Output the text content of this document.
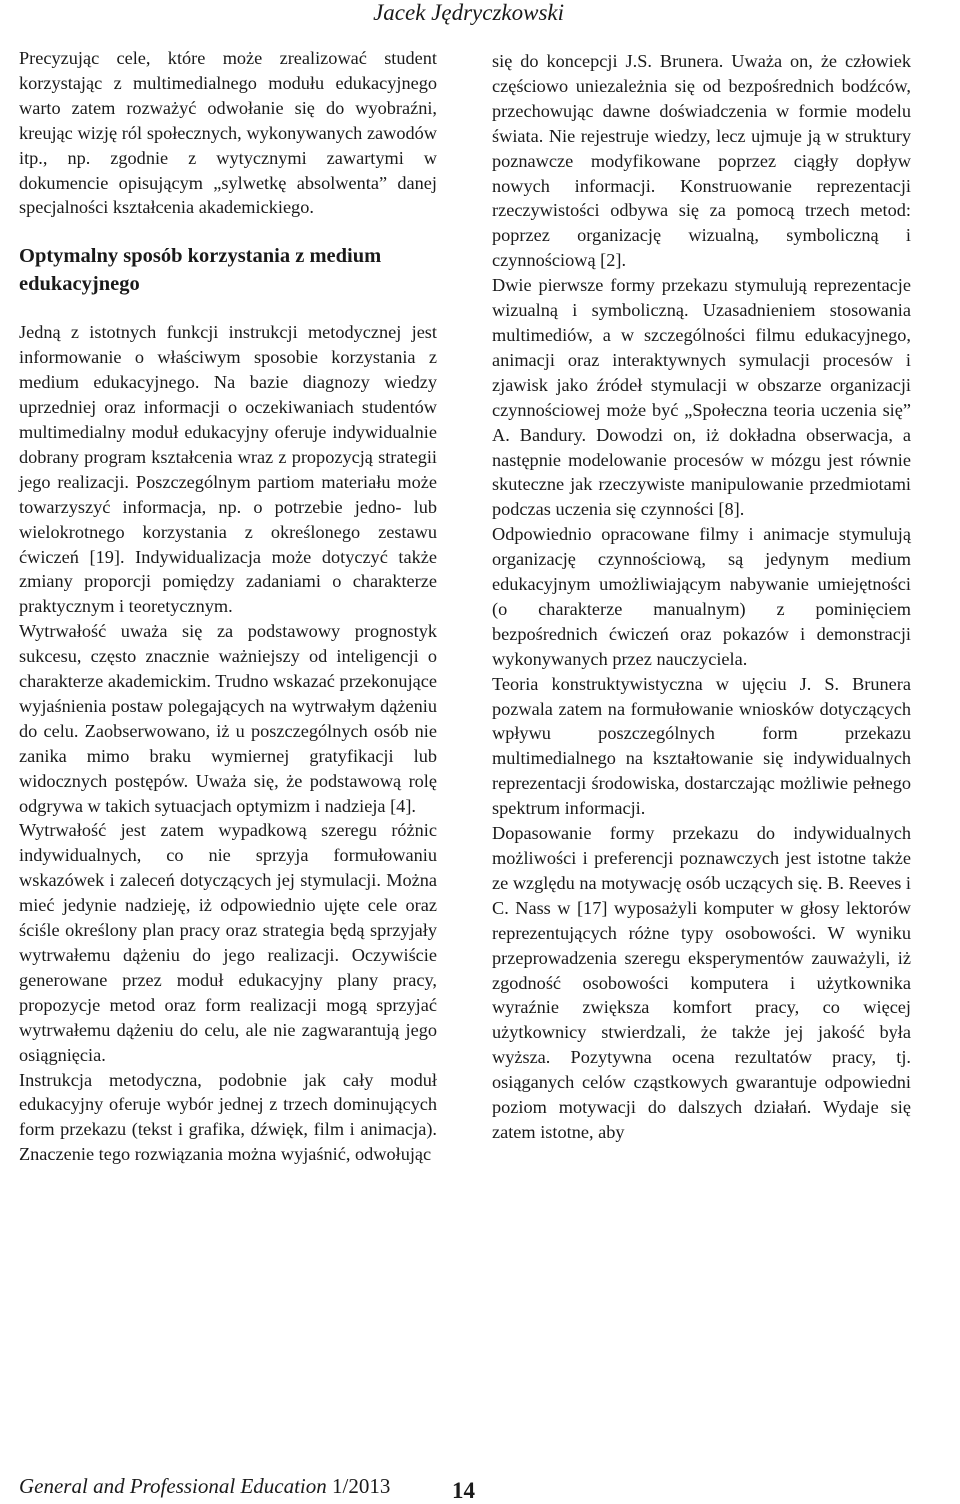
Jacek Jędryczkowski

Precyzując cele, które może zrealizować student korzystając z multimedialnego modułu edukacyjnego warto zatem rozważyć odwołanie się do wyobraźni, kreując wizję ról społecznych, wykonywanych zawodów itp., np. zgodnie z wytycznymi zawartymi w dokumencie opisującym „sylwetkę absolwenta” danej specjalności kształcenia akademickiego.

Optymalny sposób korzystania z medium edukacyjnego

Jedną z istotnych funkcji instrukcji metodycznej jest informowanie o właściwym sposobie korzystania z medium edukacyjnego. Na bazie diagnozy wiedzy uprzedniej oraz informacji o oczekiwaniach studentów multimedialny moduł edukacyjny oferuje indywidualnie dobrany program kształcenia wraz z propozycją strategii jego realizacji. Poszczególnym partiom materiału może towarzyszyć informacja, np. o potrzebie jedno- lub wielokrotnego korzystania z określonego zestawu ćwiczeń [19]. Indywidualizacja może dotyczyć także zmiany proporcji pomiędzy zadaniami o charakterze praktycznym i teoretycznym.

Wytrwałość uważa się za podstawowy prognostyk sukcesu, często znacznie ważniejszy od inteligencji o charakterze akademickim. Trudno wskazać przekonujące wyjaśnienia postaw polegających na wytrwałym dążeniu do celu. Zaobserwowano, iż u poszczególnych osób nie zanika mimo braku wymiernej gratyfikacji lub widocznych postępów. Uważa się, że podstawową rolę odgrywa w takich sytuacjach optymizm i nadzieja [4].

Wytrwałość jest zatem wypadkową szeregu różnic indywidualnych, co nie sprzyja formułowaniu wskazówek i zaleceń dotyczących jej stymulacji. Można mieć jedynie nadzieję, iż odpowiednio ujęte cele oraz ściśle określony plan pracy oraz strategia będą sprzyjały wytrwałemu dążeniu do jego realizacji. Oczywiście generowane przez moduł edukacyjny plany pracy, propozycje metod oraz form realizacji mogą sprzyjać wytrwałemu dążeniu do celu, ale nie zagwarantują jego osiągnięcia.

Instrukcja metodyczna, podobnie jak cały moduł edukacyjny oferuje wybór jednej z trzech dominujących form przekazu (tekst i grafika, dźwięk, film i animacja). Znaczenie tego rozwiązania można wyjaśnić, odwołując

się do koncepcji J.S. Brunera. Uważa on, że człowiek częściowo uniezależnia się od bezpośrednich bodźców, przechowując dawne doświadczenia w formie modelu świata. Nie rejestruje wiedzy, lecz ujmuje ją w struktury poznawcze modyfikowane poprzez ciągły dopływ nowych informacji. Konstruowanie reprezentacji rzeczywistości odbywa się za pomocą trzech metod: poprzez organizację wizualną, symboliczną i czynnościową [2].

Dwie pierwsze formy przekazu stymulują reprezentacje wizualną i symboliczną. Uzasadnieniem stosowania multimediów, a w szczególności filmu edukacyjnego, animacji oraz interaktywnych symulacji procesów i zjawisk jako źródeł stymulacji w obszarze organizacji czynnościowej może być „Społeczna teoria uczenia się” A. Bandury. Dowodzi on, iż dokładna obserwacja, a następnie modelowanie procesów w mózgu jest równie skuteczne jak rzeczywiste manipulowanie przedmiotami podczas uczenia się czynności [8].

Odpowiednio opracowane filmy i animacje stymulują organizację czynnościową, są jedynym medium edukacyjnym umożliwiającym nabywanie umiejętności (o charakterze manualnym) z pominięciem bezpośrednich ćwiczeń oraz pokazów i demonstracji wykonywanych przez nauczyciela.

Teoria konstruktywistyczna w ujęciu J. S. Brunera pozwala zatem na formułowanie wniosków dotyczących wpływu poszczególnych form przekazu multimedialnego na kształtowanie się indywidualnych reprezentacji środowiska, dostarczając możliwie pełnego spektrum informacji.

Dopasowanie formy przekazu do indywidualnych możliwości i preferencji poznawczych jest istotne także ze względu na motywację osób uczących się. B. Reeves i C. Nass w [17] wyposażyli komputer w głosy lektorów reprezentujących różne typy osobowości. W wyniku przeprowadzenia szeregu eksperymentów zauważyli, iż zgodność osobowości komputera i użytkownika wyraźnie zwiększa komfort pracy, co więcej użytkownicy stwierdzali, że także jej jakość była wyższa. Pozytywna ocena rezultatów pracy, tj. osiąganych celów cząstkowych gwarantuje odpowiedni poziom motywacji do dalszych działań. Wydaje się zatem istotne, aby

General and Professional Education 1/2013	14
